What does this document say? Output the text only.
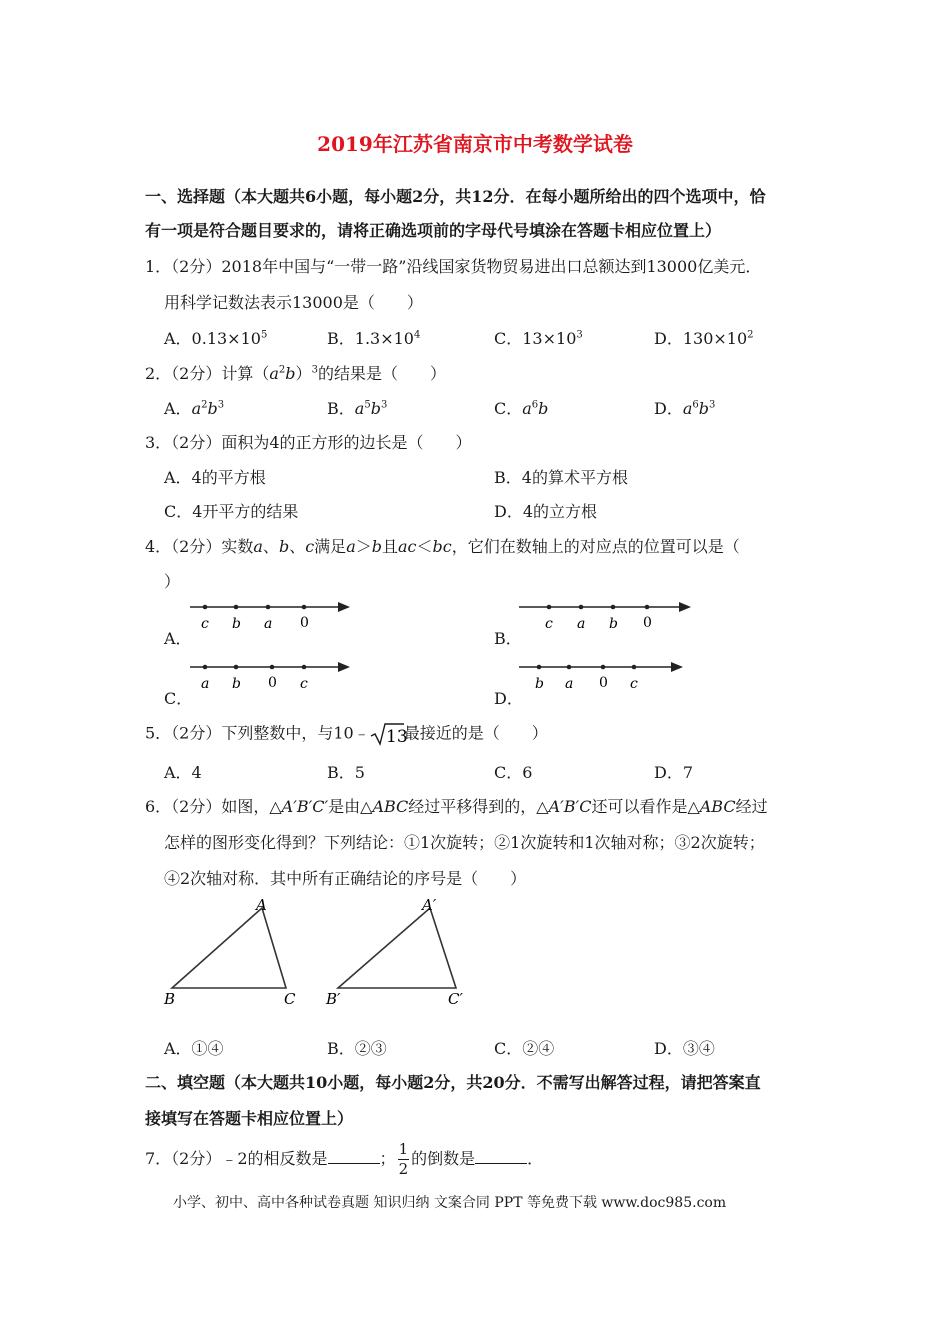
2019年江苏省南京市中考数学试卷
一、选择题（本大题共6小题，每小题2分，共12分．在每小题所给出的四个选项中，恰
有一项是符合题目要求的，请将正确选项前的字母代号填涂在答题卡相应位置上）
1．（2分）2018年中国与“一带一路”沿线国家货物贸易进出口总额达到13000亿美元．
用科学记数法表示13000是（　　）
A．$0.13\times 10^5$	B．$1.3\times 10^4$	C．$13\times 10^3$	D．$130\times 10^2$
2．（2分）计算$(a^2b)^3$的结果是（　　）
A．$a^2b^3$	B．$a^5b^3$	C．$a^6b$	D．$a^6b^3$
3．（2分）面积为4的正方形的边长是（　　）
A．4的平方根	B．4的算术平方根
C．4开平方的结果	D．4的立方根
4．（2分）实数a、b、c满足a＞b且ac＜bc，它们在数轴上的对应点的位置可以是（
）
A．
c b a 0
B．
c a b 0
C．
a b 0 c
D．
b a 0 c
5．（2分）下列整数中，与10﹣ 13
最接近的是（　　）
A．4	B．5	C．6	D．7
6．（2分）如图，△A′B′C′是由△ABC经过平移得到的，△A′B′C还可以看作是△ABC经过
怎样的图形变化得到？下列结论：①1次旋转；②1次旋转和1次轴对称；③2次旋转；
④2次轴对称．其中所有正确结论的序号是（　　）
A
B	C
A′
B′	C′
A．①④	B．②③	C．②④	D．③④
二、填空题（本大题共10小题，每小题2分，共20分．不需写出解答过程，请把答案直
接填写在答题卡相应位置上）
7．（2分）﹣2的相反数是	； $\frac{1}{2}$ 的倒数是	．
小学、初中、高中各种试卷真题 知识归纳 文案合同 PPT 等免费下载 www.doc985.com
